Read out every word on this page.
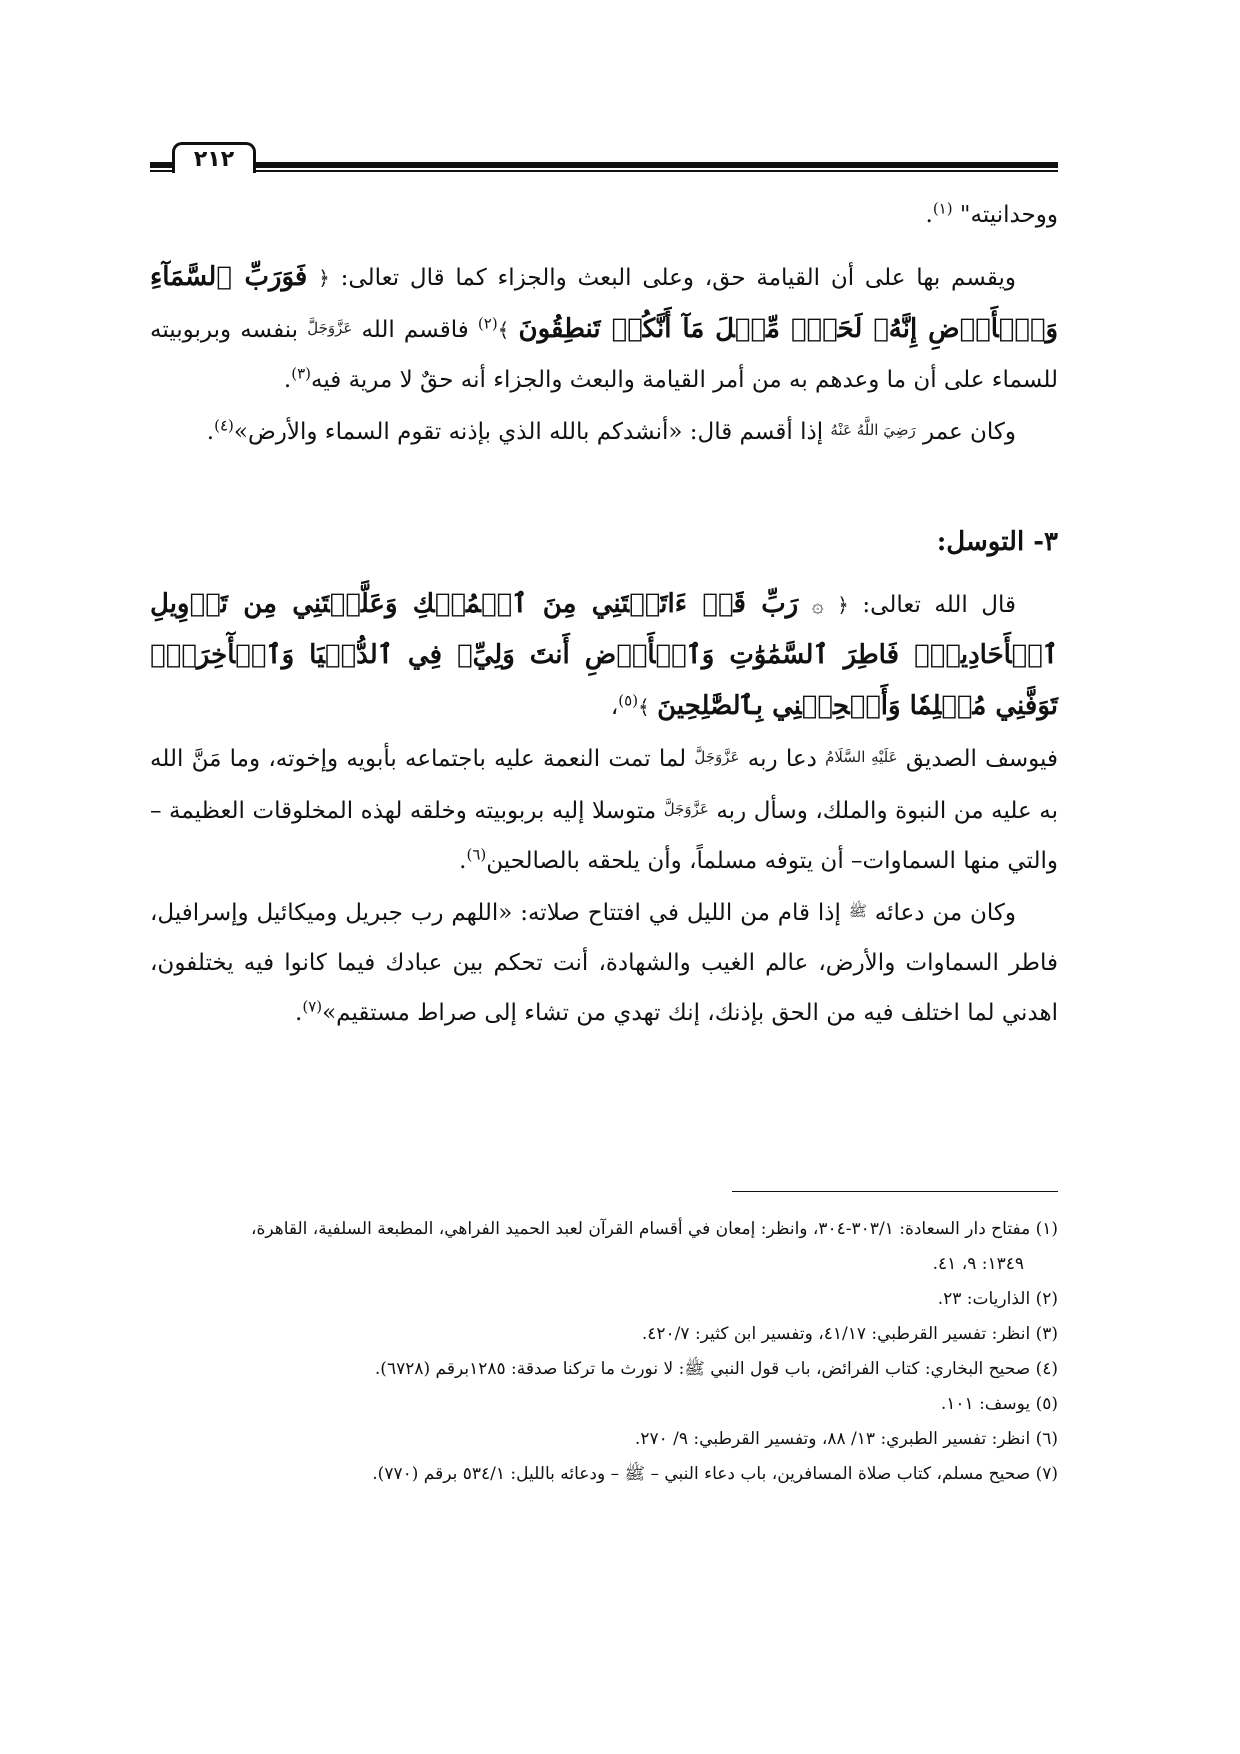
٢١٢

ووحدانيته" $^{(١)}$.

ويقسم بها على أن القيامة حق، وعلى البعث والجزاء كما قال تعالى: ﴿ فَوَرَبِّ ٱلسَّمَآءِ وَٱلۡأَرۡضِ إِنَّهُۥ لَحَقّٞ مِّثۡلَ مَآ أَنَّكُمۡ تَنطِقُونَ ﴾$^{(٢)}$ فاقسم الله عَزَّوَجَلَّ بنفسه وبربوبيته للسماء على أن ما وعدهم به من أمر القيامة والبعث والجزاء أنه حقٌ لا مرية فيه$^{(٣)}$.

وكان عمر رَضِيَ اللَّهُ عَنْهُ إذا أقسم قال: «أنشدكم بالله الذي بإذنه تقوم السماء والأرض»$^{(٤)}$.

٣- التوسل:

قال الله تعالى: ﴿ ۞ رَبِّ قَدۡ ءَاتَيۡتَنِي مِنَ ٱلۡمُلۡكِ وَعَلَّمۡتَنِي مِن تَأۡوِيلِ ٱلۡأَحَادِيثِۚ فَاطِرَ ٱلسَّمَٰوَٰتِ وَٱلۡأَرۡضِ أَنتَ وَلِيِّۦ فِي ٱلدُّنۡيَا وَٱلۡأٓخِرَةِۖ تَوَفَّنِي مُسۡلِمٗا وَأَلۡحِقۡنِي بِٱلصَّٰلِحِينَ ﴾$^{(٥)}$،

فيوسف الصديق عَلَيْهِ السَّلَامُ دعا ربه عَزَّوَجَلَّ لما تمت النعمة عليه باجتماعه بأبويه وإخوته، وما مَنَّ الله به عليه من النبوة والملك، وسأل ربه عَزَّوَجَلَّ متوسلا إليه بربوبيته وخلقه لهذه المخلوقات العظيمة – والتي منها السماوات– أن يتوفه مسلماً، وأن يلحقه بالصالحين$^{(٦)}$.

وكان من دعائه ﷺ إذا قام من الليل في افتتاح صلاته: «اللهم رب جبريل وميكائيل وإسرافيل، فاطر السماوات والأرض، عالم الغيب والشهادة، أنت تحكم بين عبادك فيما كانوا فيه يختلفون، اهدني لما اختلف فيه من الحق بإذنك، إنك تهدي من تشاء إلى صراط مستقيم»$^{(٧)}$.

(١) مفتاح دار السعادة: ٣٠٣/١-٣٠٤، وانظر: إمعان في أقسام القرآن لعبد الحميد الفراهي، المطبعة السلفية، القاهرة،

١٣٤٩: ٩، ٤١.

(٢) الذاريات: ٢٣.

(٣) انظر: تفسير القرطبي: ٤١/١٧، وتفسير ابن كثير: ٤٢٠/٧.

(٤) صحيح البخاري: كتاب الفرائض، باب قول النبي ﷺ: لا نورث ما تركنا صدقة: ١٢٨٥برقم (٦٧٢٨).

(٥) يوسف: ١٠١.

(٦) انظر: تفسير الطبري: ١٣/ ٨٨، وتفسير القرطبي: ٩/ ٢٧٠.

(٧) صحيح مسلم، كتاب صلاة المسافرين، باب دعاء النبي – ﷺ – ودعائه بالليل: ٥٣٤/١ برقم (٧٧٠).
